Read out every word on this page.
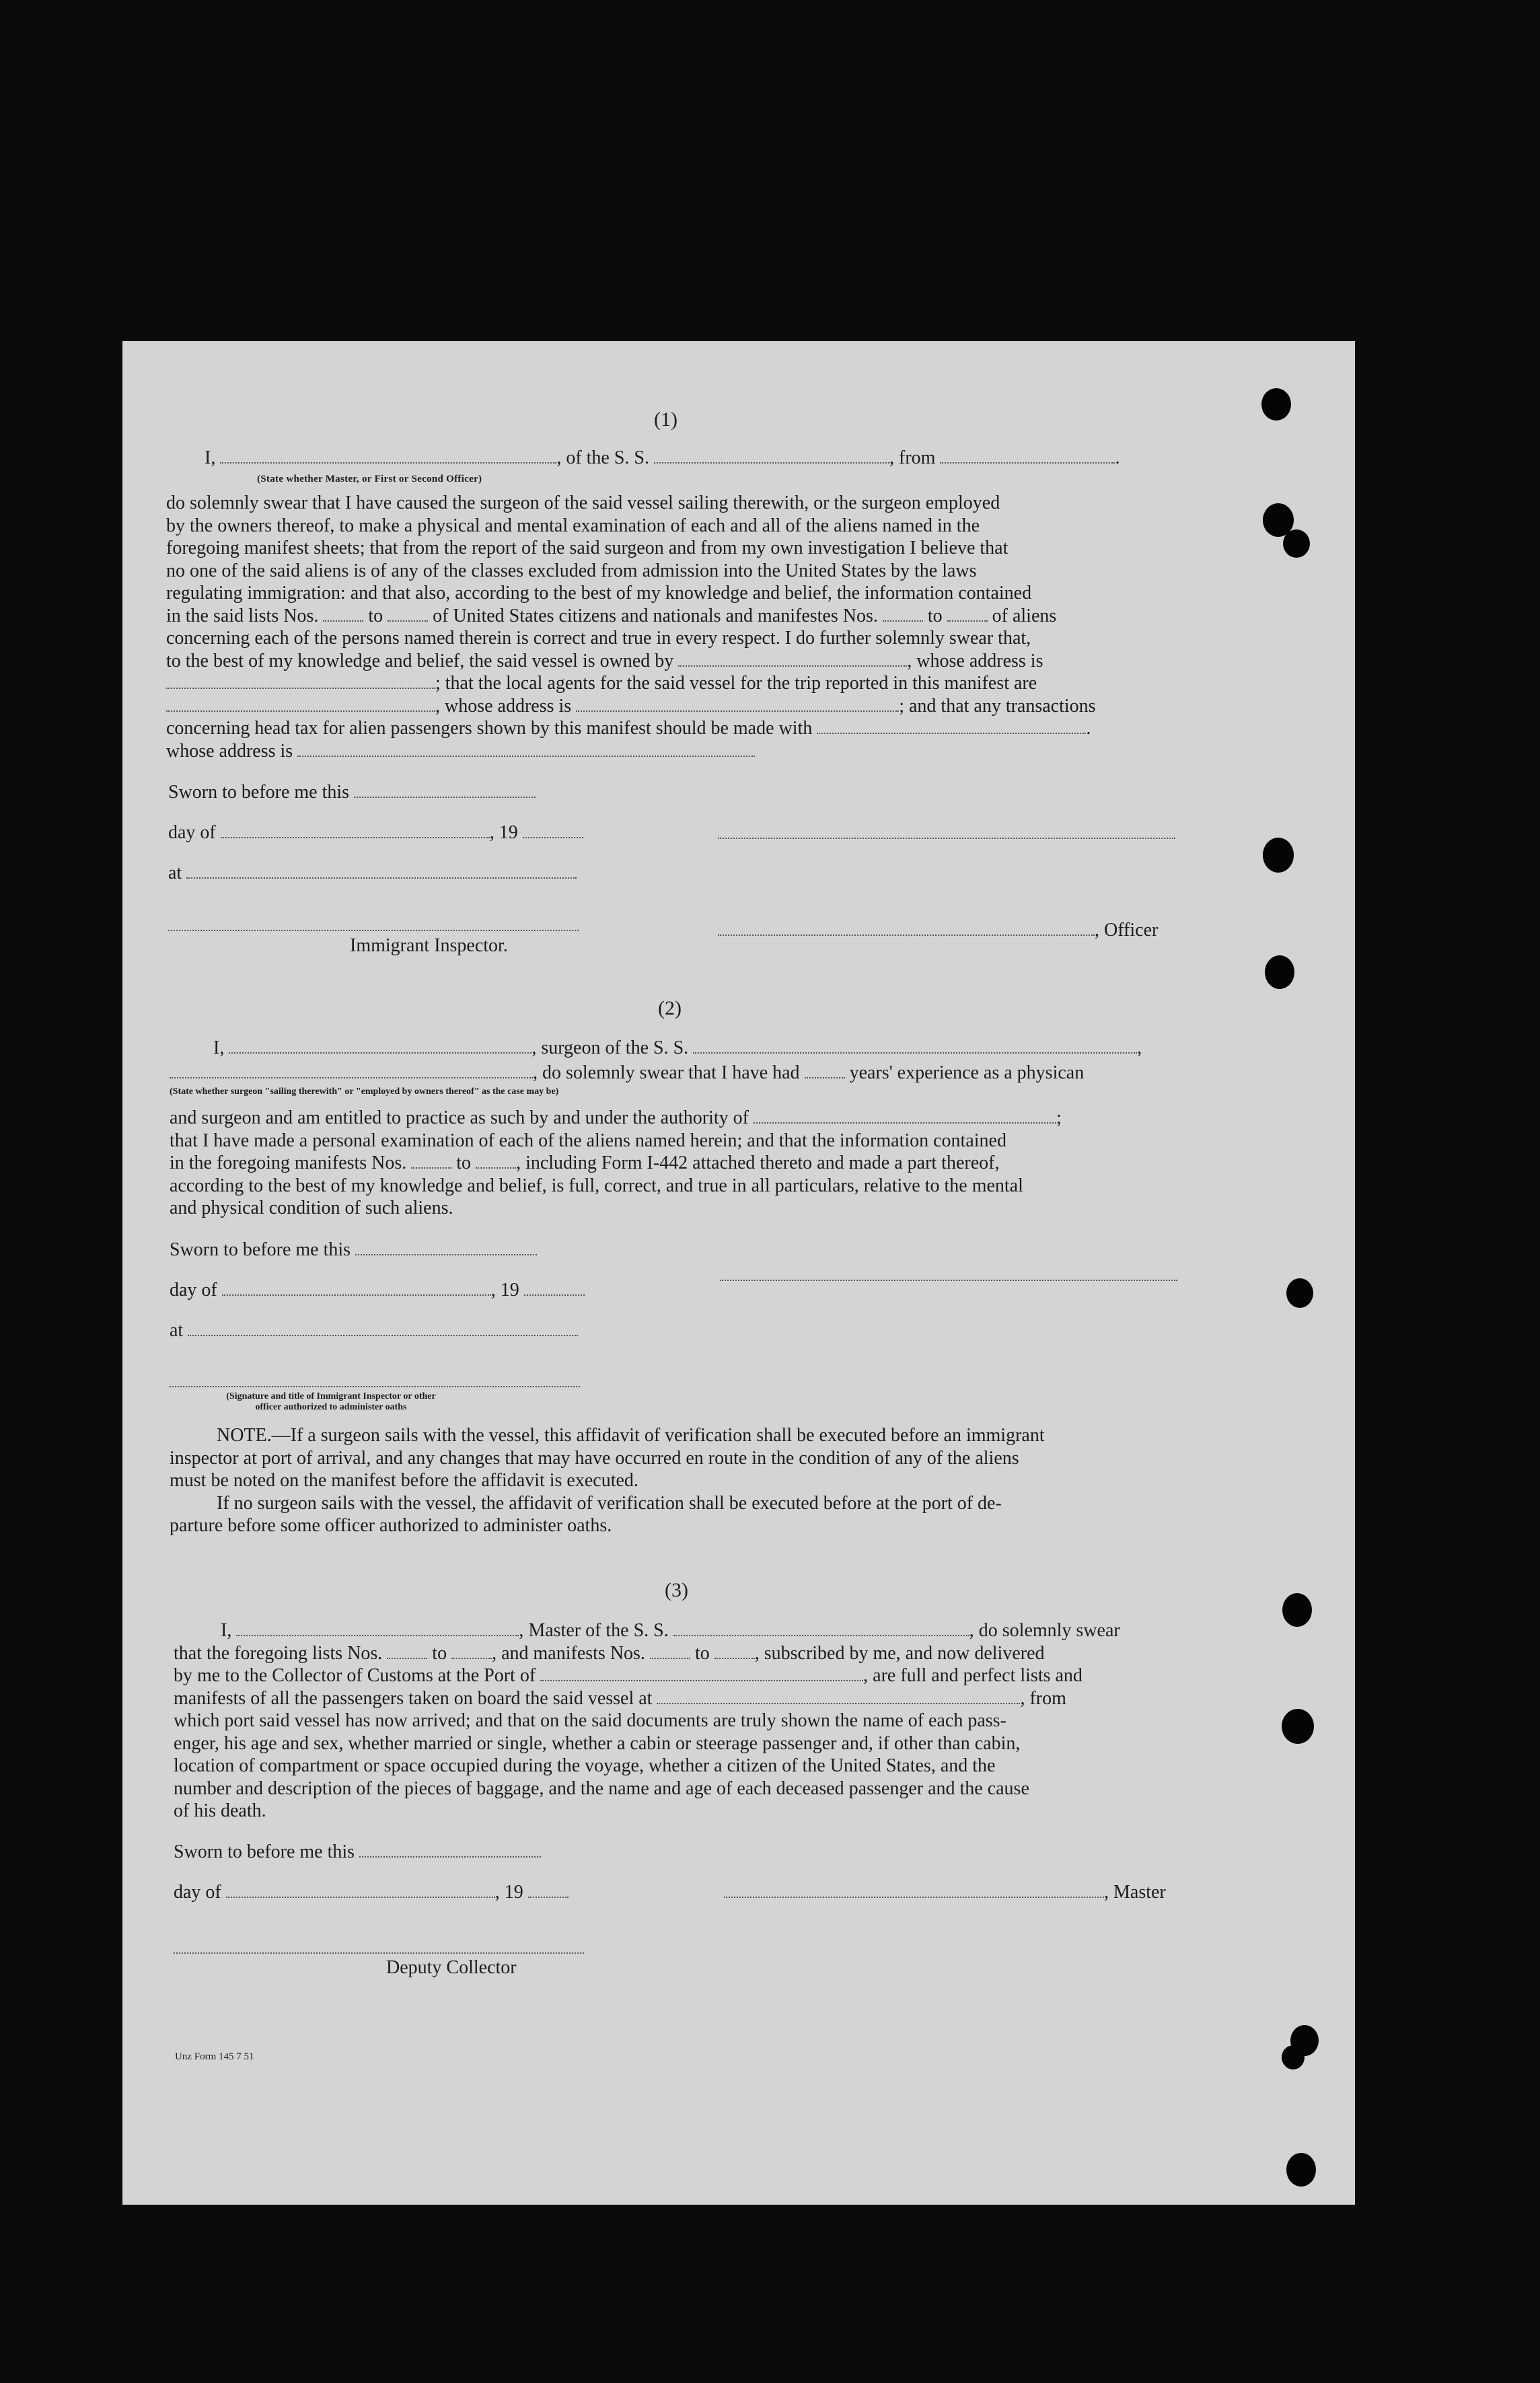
(1)
I,	, of the S. S.	, from	.
(State whether Master, or First or Second Officer)
do solemnly swear that I have caused the surgeon of the said vessel sailing therewith, or the surgeon employed
by the owners thereof, to make a physical and mental examination of each and all of the aliens named in the
foregoing manifest sheets; that from the report of the said surgeon and from my own investigation I believe that
no one of the said aliens is of any of the classes excluded from admission into the United States by the laws
regulating immigration: and that also, according to the best of my knowledge and belief, the information contained
in the said lists Nos.	to	of United States citizens and nationals and manifestes Nos.	to	of aliens
concerning each of the persons named therein is correct and true in every respect. I do further solemnly swear that,
to the best of my knowledge and belief, the said vessel is owned by	, whose address is
; that the local agents for the said vessel for the trip reported in this manifest are
, whose address is	; and that any transactions
concerning head tax for alien passengers shown by this manifest should be made with	.
whose address is
Sworn to before me this
day of	, 19
at
, Officer
Immigrant Inspector.
(2)
I,	, surgeon of the S. S.	,
, do solemnly swear that I have had	years' experience as a physican
(State whether surgeon "sailing therewith" or "employed by owners thereof" as the case may be)
and surgeon and am entitled to practice as such by and under the authority of	;
that I have made a personal examination of each of the aliens named herein; and that the information contained
in the foregoing manifests Nos.	to , including Form I-442 attached thereto and made a part thereof,
according to the best of my knowledge and belief, is full, correct, and true in all particulars, relative to the mental
and physical condition of such aliens.
Sworn to before me this
day of	, 19
at
(Signature and title of Immigrant Inspector or other
officer authorized to administer oaths
NOTE.—If a surgeon sails with the vessel, this affidavit of verification shall be executed before an immigrant
inspector at port of arrival, and any changes that may have occurred en route in the condition of any of the aliens
must be noted on the manifest before the affidavit is executed.
If no surgeon sails with the vessel, the affidavit of verification shall be executed before at the port of de-
parture before some officer authorized to administer oaths.
(3)
I,	, Master of the S. S.	, do solemnly swear
that the foregoing lists Nos.	to , and manifests Nos.	to , subscribed by me, and now delivered
by me to the Collector of Customs at the Port of	, are full and perfect lists and
manifests of all the passengers taken on board the said vessel at	, from
which port said vessel has now arrived; and that on the said documents are truly shown the name of each pass-
enger, his age and sex, whether married or single, whether a cabin or steerage passenger and, if other than cabin,
location of compartment or space occupied during the voyage, whether a citizen of the United States, and the
number and description of the pieces of baggage, and the name and age of each deceased passenger and the cause
of his death.
Sworn to before me this
day of	, 19	, Master
Deputy Collector
Unz Form 145 7 51
